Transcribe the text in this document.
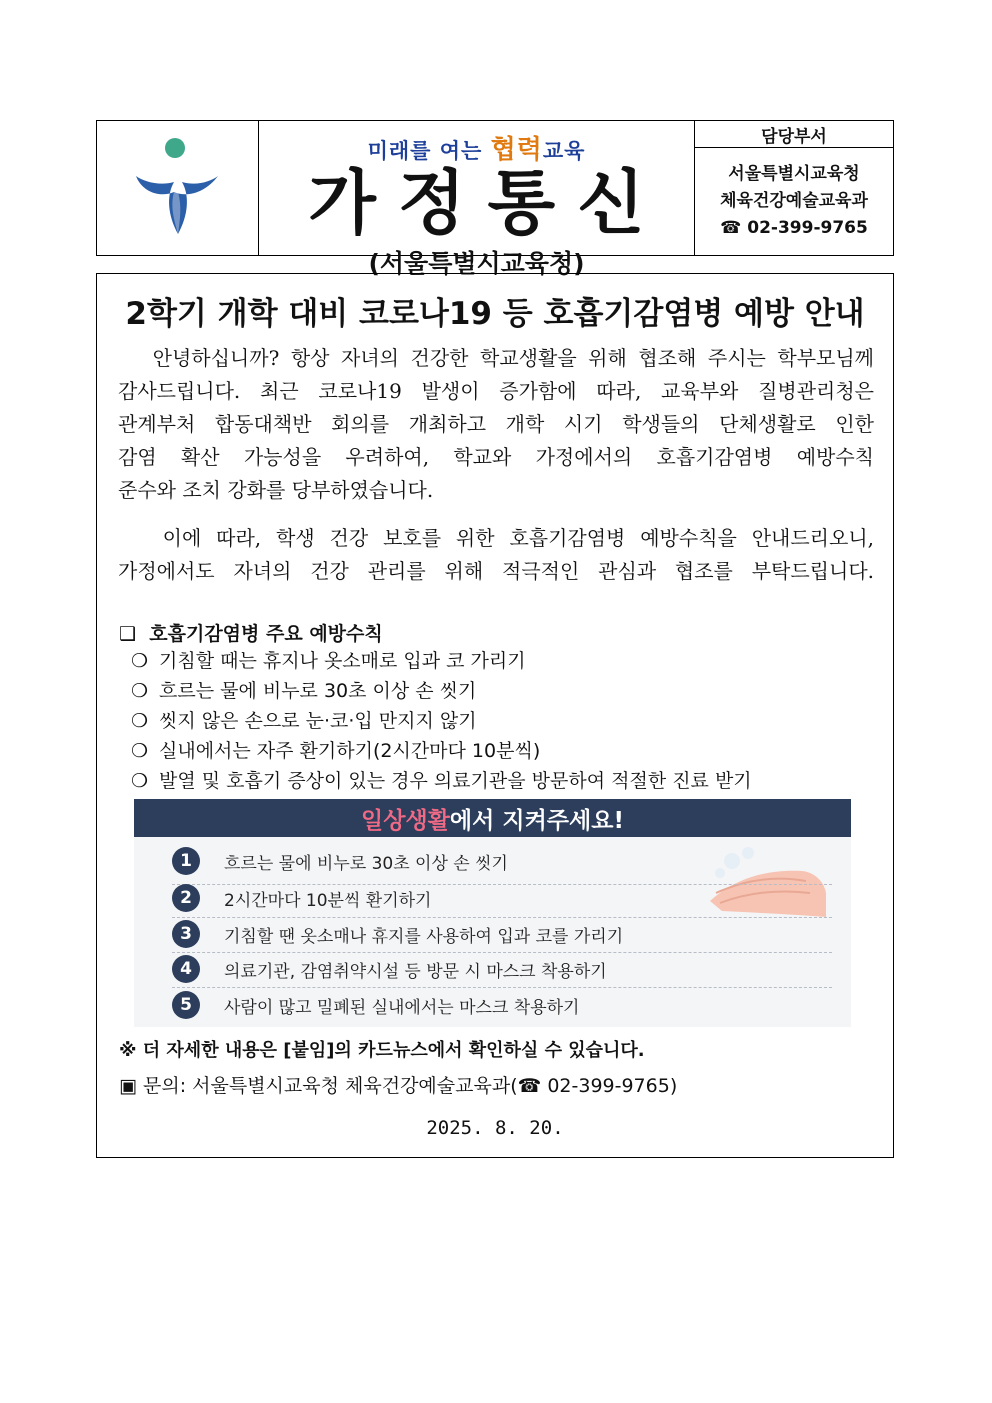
미래를 여는 협력교육
가정통신
(서울특별시교육청)
담당부서
서울특별시교육청
체육건강예술교육과
☎ 02-399-9765
2학기 개학 대비 코로나19 등 호흡기감염병 예방 안내
안녕하십니까? 항상 자녀의 건강한 학교생활을 위해 협조해 주시는 학부모님께
감사드립니다. 최근 코로나19 발생이 증가함에 따라, 교육부와 질병관리청은
관계부처 합동대책반 회의를 개최하고 개학 시기 학생들의 단체생활로 인한
감염 확산 가능성을 우려하여, 학교와 가정에서의 호흡기감염병 예방수칙
준수와 조치 강화를 당부하였습니다.
이에 따라, 학생 건강 보호를 위한 호흡기감염병 예방수칙을 안내드리오니,
가정에서도 자녀의 건강 관리를 위해 적극적인 관심과 협조를 부탁드립니다.
❑  호흡기감염병 주요 예방수칙
❍ 기침할 때는 휴지나 옷소매로 입과 코 가리기
❍ 흐르는 물에 비누로 30초 이상 손 씻기
❍ 씻지 않은 손으로 눈·코·입 만지지 않기
❍ 실내에서는 자주 환기하기(2시간마다 10분씩)
❍ 발열 및 호흡기 증상이 있는 경우 의료기관을 방문하여 적절한 진료 받기
일상생활 에서 지켜주세요!
1	흐르는 물에 비누로 30초 이상 손 씻기
2	2시간마다 10분씩 환기하기
3	기침할 땐 옷소매나 휴지를 사용하여 입과 코를 가리기
4	의료기관, 감염취약시설 등 방문 시 마스크 착용하기
5	사람이 많고 밀폐된 실내에서는 마스크 착용하기
※ 더 자세한 내용은 [붙임]의 카드뉴스에서 확인하실 수 있습니다.
▣ 문의: 서울특별시교육청 체육건강예술교육과(☎ 02-399-9765)
2025. 8. 20.
